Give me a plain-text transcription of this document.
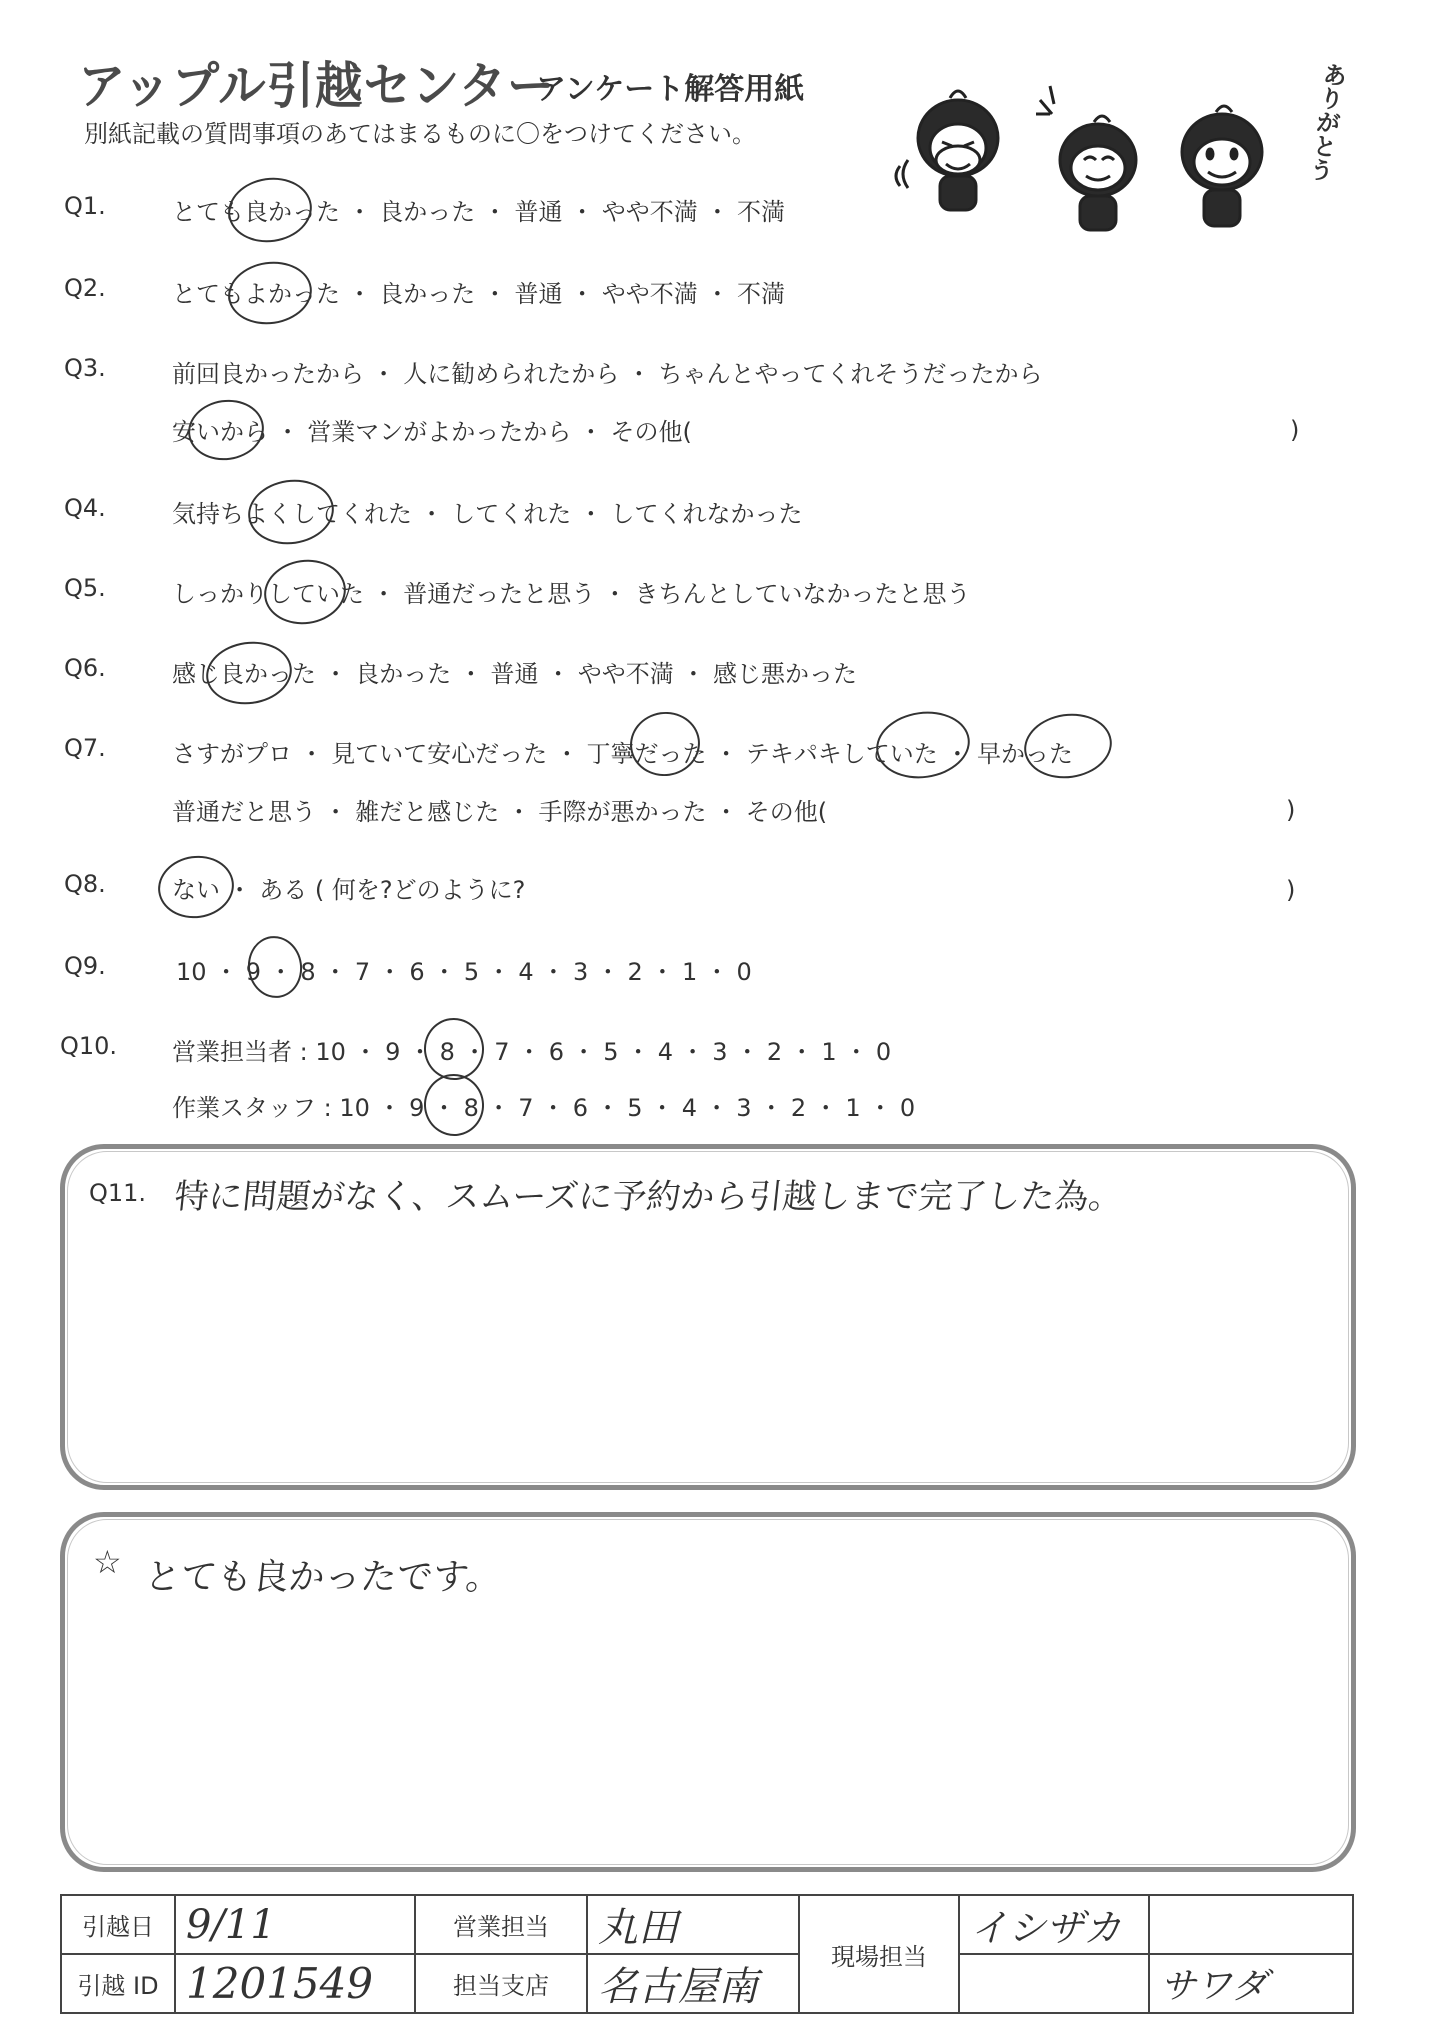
アップル引越センター
アンケート解答用紙
別紙記載の質問事項のあてはまるものに〇をつけてください。	ありがとう
Q1.	とても良かった ・ 良かった ・ 普通 ・ やや不満 ・ 不満
Q2.	とてもよかった ・ 良かった ・ 普通 ・ やや不満 ・ 不満
Q3.	前回良かったから ・ 人に勧められたから ・ ちゃんとやってくれそうだったから
安いから ・ 営業マンがよかったから ・ その他(	)
Q4.	気持ちよくしてくれた ・ してくれた ・ してくれなかった
Q5.	しっかりしていた ・ 普通だったと思う ・ きちんとしていなかったと思う
Q6.	感じ良かった ・ 良かった ・ 普通 ・ やや不満 ・ 感じ悪かった
Q7.	さすがプロ ・ 見ていて安心だった ・ 丁寧だった ・ テキパキしていた ・ 早かった
普通だと思う ・ 雑だと感じた ・ 手際が悪かった ・ その他(	)
Q8.	ない ・ ある ( 何を?どのように?	)
Q9.	10 ・ 9 ・ 8 ・ 7 ・ 6 ・ 5 ・ 4 ・ 3 ・ 2 ・ 1 ・ 0
Q10. 営業担当者 : 10 ・ 9 ・ 8 ・ 7 ・ 6 ・ 5 ・ 4 ・ 3 ・ 2 ・ 1 ・ 0
作業スタッフ : 10 ・ 9 ・ 8 ・ 7 ・ 6 ・ 5 ・ 4 ・ 3 ・ 2 ・ 1 ・ 0
Q11. 特に問題がなく、スムーズに予約から引越しまで完了した為。
☆ とても良かったです。
引越日	9/11	営業担当	丸田	現場担当	イシザカ	
引越 ID	1201549	担当支店	名古屋南			サワダ
